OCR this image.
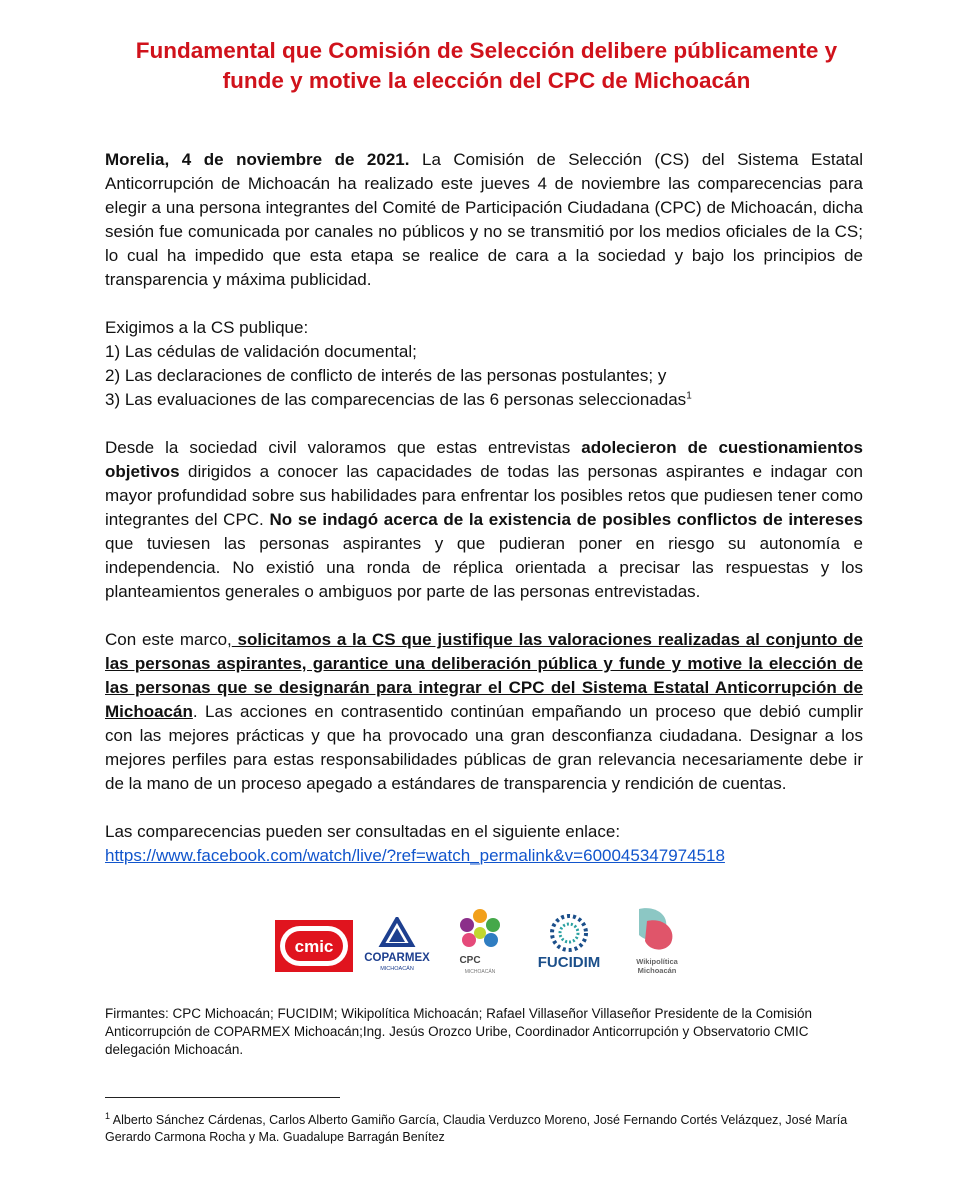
Fundamental que Comisión de Selección delibere públicamente y
funde y motive la elección del CPC de Michoacán

Morelia, 4 de noviembre de 2021. La Comisión de Selección (CS) del Sistema Estatal Anticorrupción de Michoacán ha realizado este jueves 4 de noviembre las comparecencias para elegir a una persona integrantes del Comité de Participación Ciudadana (CPC) de Michoacán, dicha sesión fue comunicada por canales no públicos y no se transmitió por los medios oficiales de la CS; lo cual ha impedido que esta etapa se realice de cara a la sociedad y bajo los principios de transparencia y máxima publicidad.

Exigimos a la CS publique:

1) Las cédulas de validación documental;

2) Las declaraciones de conflicto de interés de las personas postulantes; y

3) Las evaluaciones de las comparecencias de las 6 personas seleccionadas$^1$

Desde la sociedad civil valoramos que estas entrevistas adolecieron de cuestionamientos objetivos dirigidos a conocer las capacidades de todas las personas aspirantes e indagar con mayor profundidad sobre sus habilidades para enfrentar los posibles retos que pudiesen tener como integrantes del CPC. No se indagó acerca de la existencia de posibles conflictos de intereses que tuviesen las personas aspirantes y que pudieran poner en riesgo su autonomía e independencia. No existió una ronda de réplica orientada a precisar las respuestas y los planteamientos generales o ambiguos por parte de las personas entrevistadas.

Con este marco, solicitamos a la CS que justifique las valoraciones realizadas al conjunto de las personas aspirantes, garantice una deliberación pública y funde y motive la elección de las personas que se designarán para integrar el CPC del Sistema Estatal Anticorrupción de Michoacán. Las acciones en contrasentido continúan empañando un proceso que debió cumplir con las mejores prácticas y que ha provocado una gran desconfianza ciudadana. Designar a los mejores perfiles para estas responsabilidades públicas de gran relevancia necesariamente debe ir de la mano de un proceso apegado a estándares de transparencia y rendición de cuentas.

Las comparecencias pueden ser consultadas en el siguiente enlace:

https://www.facebook.com/watch/live/?ref=watch_permalink&v=600045347974518

cmic
COPARMEX
MICHOACÁN
CPC
MICHOACÁN
FUCIDIM	Wikipolítica
Michoacán

Firmantes: CPC Michoacán; FUCIDIM; Wikipolítica Michoacán; Rafael Villaseñor Villaseñor Presidente de la Comisión Anticorrupción de COPARMEX Michoacán;Ing. Jesús Orozco Uribe, Coordinador Anticorrupción y Observatorio CMIC delegación Michoacán.

$^1$ Alberto Sánchez Cárdenas, Carlos Alberto Gamiño García, Claudia Verduzco Moreno, José Fernando Cortés Velázquez, José María Gerardo Carmona Rocha y Ma. Guadalupe Barragán Benítez
